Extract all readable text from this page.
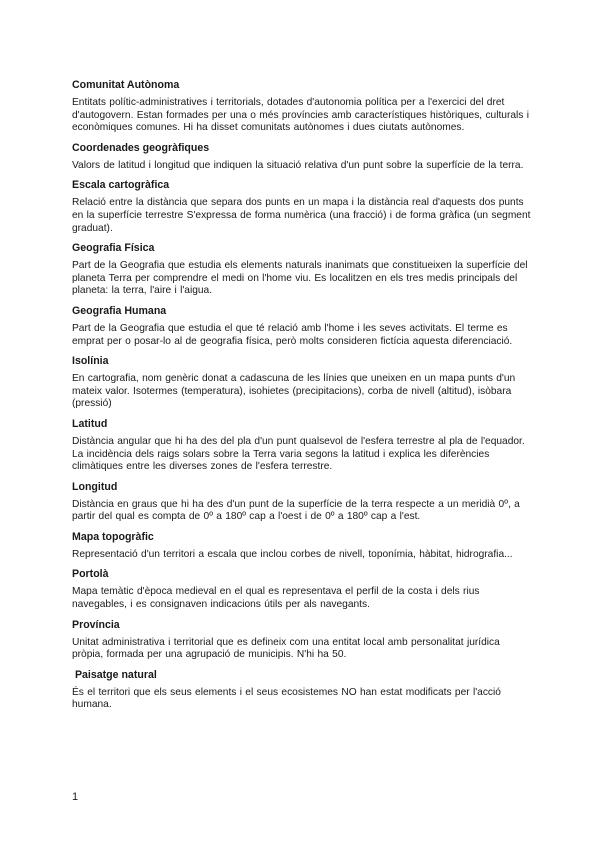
Comunitat Autònoma

Entitats polític-administratives i territorials, dotades d'autonomia política per a l'exercici del dret d'autogovern. Estan formades per una o més províncies amb característiques històriques, culturals i econòmiques comunes. Hi ha disset comunitats autònomes i dues ciutats autònomes.

Coordenades geogràfiques

Valors de latitud i longitud que indiquen la situació relativa d'un punt sobre la superfície de la terra.

Escala cartogràfica

Relació entre la distància que separa dos punts en un mapa i la distància real d'aquests dos punts en la superfície terrestre S'expressa de forma numèrica (una fracció) i de forma gràfica (un segment graduat).

Geografia Física

Part de la Geografia que estudia els elements naturals inanimats que constitueixen la superfície del planeta Terra per comprendre el medi on l'home viu. Es localitzen en els tres medis principals del planeta: la terra, l'aire i l'aigua.

Geografia Humana

Part de la Geografia que estudia el que té relació amb l'home i les seves activitats. El terme es emprat per o posar-lo al de geografia física, però molts consideren fictícia aquesta diferenciació.

Isolínia

En cartografia, nom genèric donat a cadascuna de les línies que uneixen en un mapa punts d'un mateix valor. Isotermes (temperatura), isohietes (precipitacions), corba de nivell (altitud), isòbara (pressió)

Latitud

Distància angular que hi ha des del pla d'un punt qualsevol de l'esfera terrestre al pla de l'equador. La incidència dels raigs solars sobre la Terra varia segons la latitud i explica les diferències climàtiques entre les diverses zones de l'esfera terrestre.

Longitud

Distància en graus que hi ha des d'un punt de la superfície de la terra respecte a un meridià 0º, a partir del qual es compta de 0º a 180º cap a l'oest i de 0º a 180º cap a l'est.

Mapa topogràfic

Representació d'un territori a escala que inclou corbes de nivell, toponímia, hàbitat, hidrografia...

Portolà

Mapa temàtic d'època medieval en el qual es representava el perfil de la costa i dels rius navegables, i es consignaven indicacions útils per als navegants.

Província

Unitat administrativa i territorial que es defineix com una entitat local amb personalitat jurídica pròpia, formada per una agrupació de municipis. N'hi ha 50.

Paisatge natural

És el territori que els seus elements i el seus ecosistemes NO han estat modificats per l'acció humana.

1
